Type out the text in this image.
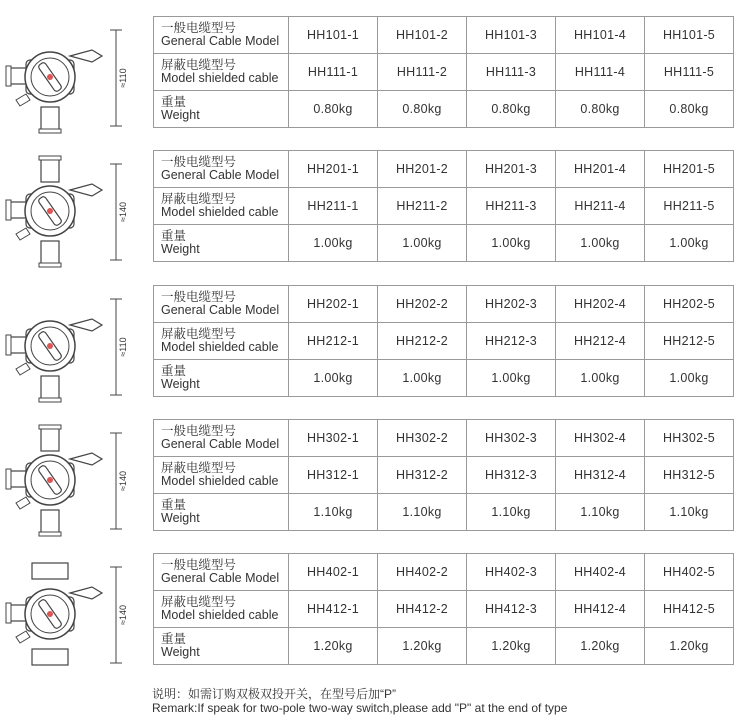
≈110
一般电缆型号
General Cable Model	HH101-1	HH101-2	HH101-3	HH101-4	HH101-5

屏蔽电缆型号
Model shielded cable	HH111-1	HH111-2	HH111-3	HH111-4	HH111-5

重量
Weight	0.80kg	0.80kg	0.80kg	0.80kg	0.80kg
≈140
一般电缆型号
General Cable Model	HH201-1	HH201-2	HH201-3	HH201-4	HH201-5

屏蔽电缆型号
Model shielded cable	HH211-1	HH211-2	HH211-3	HH211-4	HH211-5

重量
Weight	1.00kg	1.00kg	1.00kg	1.00kg	1.00kg
≈110
一般电缆型号
General Cable Model	HH202-1	HH202-2	HH202-3	HH202-4	HH202-5

屏蔽电缆型号
Model shielded cable	HH212-1	HH212-2	HH212-3	HH212-4	HH212-5

重量
Weight	1.00kg	1.00kg	1.00kg	1.00kg	1.00kg
≈140
一般电缆型号
General Cable Model	HH302-1	HH302-2	HH302-3	HH302-4	HH302-5

屏蔽电缆型号
Model shielded cable	HH312-1	HH312-2	HH312-3	HH312-4	HH312-5

重量
Weight	1.10kg	1.10kg	1.10kg	1.10kg	1.10kg
≈140
一般电缆型号
General Cable Model	HH402-1	HH402-2	HH402-3	HH402-4	HH402-5

屏蔽电缆型号
Model shielded cable	HH412-1	HH412-2	HH412-3	HH412-4	HH412-5

重量
Weight	1.20kg	1.20kg	1.20kg	1.20kg	1.20kg
说明：如需订购双极双投开关，在型号后加“P”
Remark:If speak for two-pole two-way switch,please add "P" at the end of type
